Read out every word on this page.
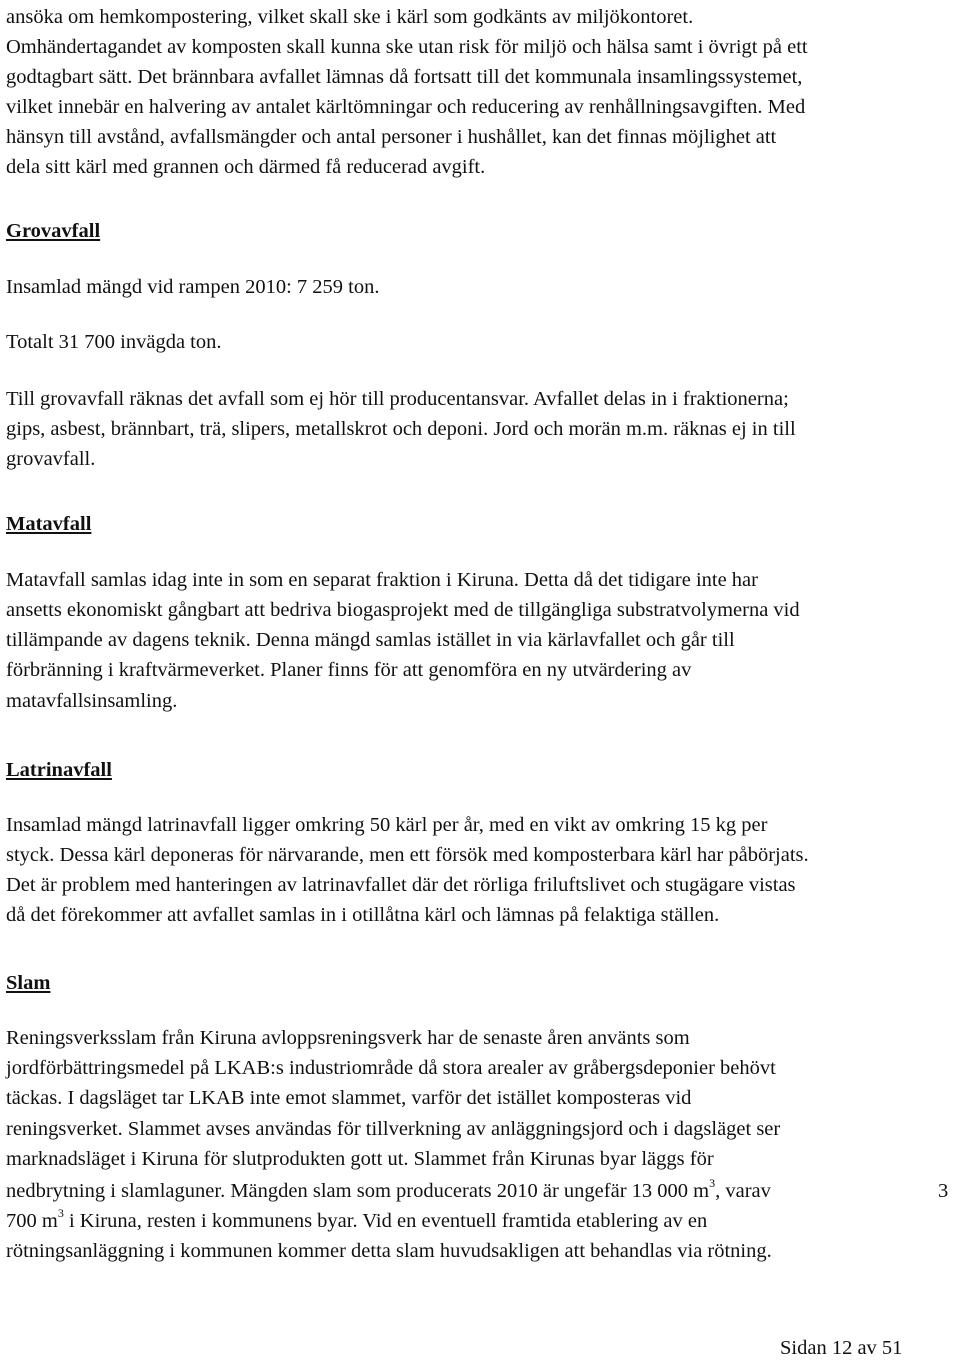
ansöka om hemkompostering, vilket skall ske i kärl som godkänts av miljökontoret.
Omhändertagandet av komposten skall kunna ske utan risk för miljö och hälsa samt i övrigt på ett
godtagbart sätt. Det brännbara avfallet lämnas då fortsatt till det kommunala insamlingssystemet,
vilket innebär en halvering av antalet kärltömningar och reducering av renhållningsavgiften. Med
hänsyn till avstånd, avfallsmängder och antal personer i hushållet, kan det finnas möjlighet att
dela sitt kärl med grannen och därmed få reducerad avgift.
Grovavfall
Insamlad mängd vid rampen 2010: 7 259 ton.
Totalt 31 700 invägda ton.
Till grovavfall räknas det avfall som ej hör till producentansvar. Avfallet delas in i fraktionerna;
gips, asbest, brännbart, trä, slipers, metallskrot och deponi. Jord och morän m.m. räknas ej in till
grovavfall.
Matavfall
Matavfall samlas idag inte in som en separat fraktion i Kiruna. Detta då det tidigare inte har
ansetts ekonomiskt gångbart att bedriva biogasprojekt med de tillgängliga substratvolymerna vid
tillämpande av dagens teknik. Denna mängd samlas istället in via kärlavfallet och går till
förbränning i kraftvärmeverket. Planer finns för att genomföra en ny utvärdering av
matavfallsinsamling.
Latrinavfall
Insamlad mängd latrinavfall ligger omkring 50 kärl per år, med en vikt av omkring 15 kg per
styck. Dessa kärl deponeras för närvarande, men ett försök med komposterbara kärl har påbörjats.
Det är problem med hanteringen av latrinavfallet där det rörliga friluftslivet och stugägare vistas
då det förekommer att avfallet samlas in i otillåtna kärl och lämnas på felaktiga ställen.
Slam
Reningsverksslam från Kiruna avloppsreningsverk har de senaste åren använts som
jordförbättringsmedel på LKAB:s industriområde då stora arealer av gråbergsdeponier behövt
täckas. I dagsläget tar LKAB inte emot slammet, varför det istället komposteras vid
reningsverket. Slammet avses användas för tillverkning av anläggningsjord och i dagsläget ser
marknadsläget i Kiruna för slutprodukten gott ut. Slammet från Kirunas byar läggs för
nedbrytning i slamlaguner. Mängden slam som producerats 2010 är ungefär 13 000 $m^3$, varav	3
700 $m^3$ i Kiruna, resten i kommunens byar. Vid en eventuell framtida etablering av en
rötningsanläggning i kommunen kommer detta slam huvudsakligen att behandlas via rötning.
Sidan 12 av 51
